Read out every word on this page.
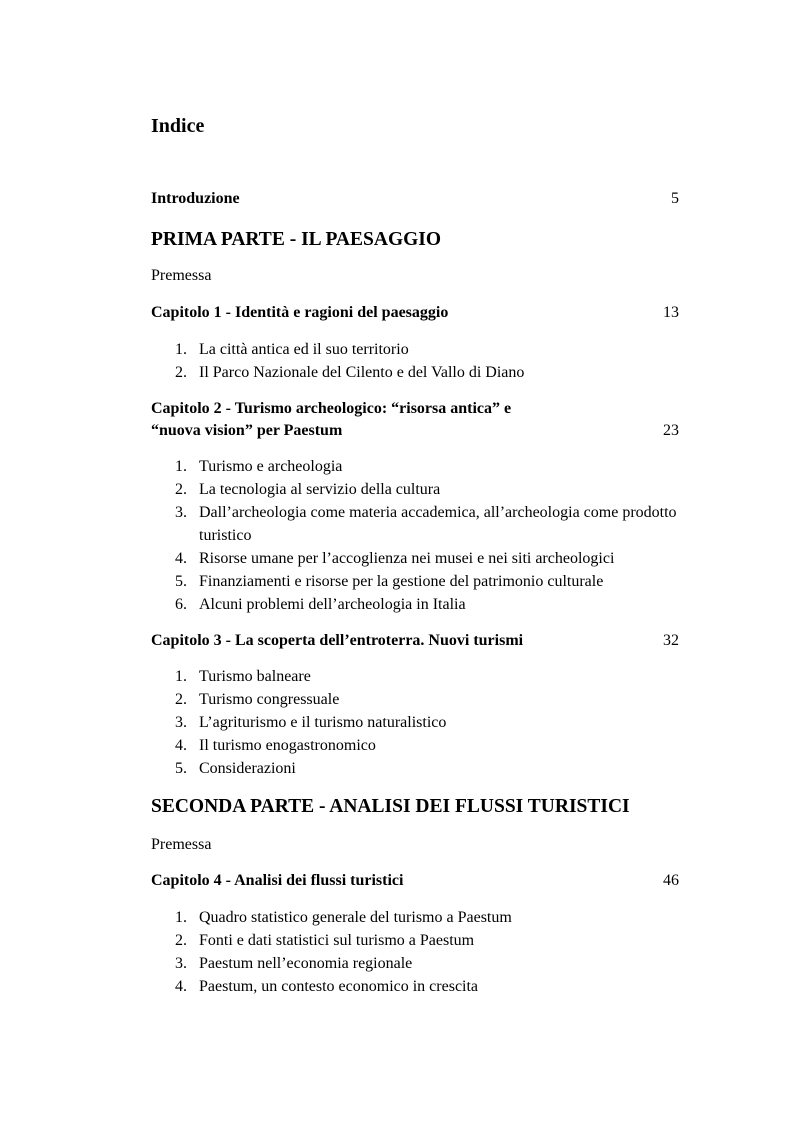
Indice
Introduzione	5
PRIMA PARTE - IL PAESAGGIO
Premessa
Capitolo 1 - Identità e ragioni del paesaggio	13
1. La città antica ed il suo territorio
2. Il Parco Nazionale del Cilento e del Vallo di Diano
Capitolo 2 - Turismo archeologico: “risorsa antica” e
“nuova vision” per Paestum	23
1. Turismo e archeologia
2. La tecnologia al servizio della cultura
3. Dall’archeologia come materia accademica, all’archeologia come prodotto turistico
4. Risorse umane per l’accoglienza nei musei e nei siti archeologici
5. Finanziamenti e risorse per la gestione del patrimonio culturale
6. Alcuni problemi dell’archeologia in Italia
Capitolo 3 - La scoperta dell’entroterra. Nuovi turismi	32
1. Turismo balneare
2. Turismo congressuale
3. L’agriturismo e il turismo naturalistico
4. Il turismo enogastronomico
5. Considerazioni
SECONDA PARTE - ANALISI DEI FLUSSI TURISTICI
Premessa
Capitolo 4 - Analisi dei flussi turistici	46
1. Quadro statistico generale del turismo a Paestum
2. Fonti e dati statistici sul turismo a Paestum
3. Paestum nell’economia regionale
4. Paestum, un contesto economico in crescita
